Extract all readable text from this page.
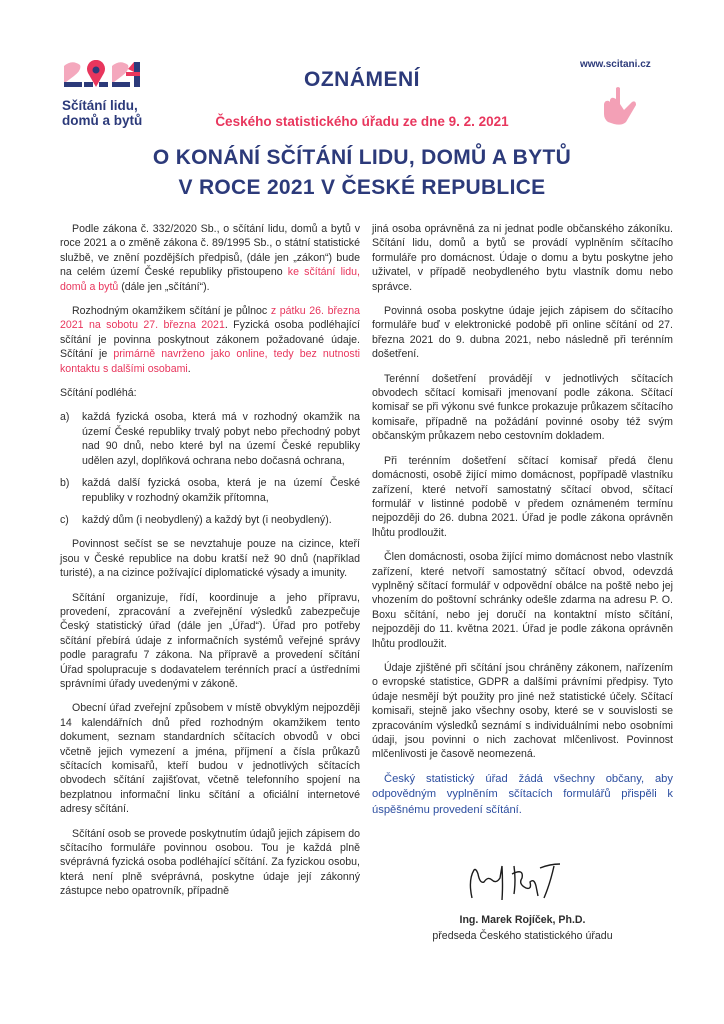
Sčítání lidu,
domů a bytů
www.scitani.cz
OZNÁMENÍ
Českého statistického úřadu ze dne 9. 2. 2021
O KONÁNÍ SČÍTÁNÍ LIDU, DOMŮ A BYTŮ
V ROCE 2021 V ČESKÉ REPUBLICE

Podle zákona č. 332/2020 Sb., o sčítání lidu, domů a bytů v roce 2021 a o změně zákona č. 89/1995 Sb., o státní statistické službě, ve znění pozdějších předpisů, (dále jen „zákon“) bude na celém území České republiky přistoupeno ke sčítání lidu, domů a bytů (dále jen „sčítání“).

Rozhodným okamžikem sčítání je půlnoc z pátku 26. března 2021 na sobotu 27. března 2021. Fyzická osoba podléhající sčítání je povinna poskytnout zákonem požadované údaje. Sčítání je primárně navrženo jako online, tedy bez nutnosti kontaktu s dalšími osobami.

Sčítání podléhá:

a)	každá fyzická osoba, která má v rozhodný okamžik na území České republiky trvalý pobyt nebo přechodný pobyt nad 90 dnů, nebo které byl na území České republiky udělen azyl, doplňková ochrana nebo dočasná ochrana,
b)	každá další fyzická osoba, která je na území České republiky v rozhodný okamžik přítomna,
c)	každý dům (i neobydlený) a každý byt (i neobydlený).

Povinnost sečíst se se nevztahuje pouze na cizince, kteří jsou v České republice na dobu kratší než 90 dnů (například turisté), a na cizince požívající diplomatické výsady a imunity.

Sčítání organizuje, řídí, koordinuje a jeho přípravu, provedení, zpracování a zveřejnění výsledků zabezpečuje Český statistický úřad (dále jen „Úřad“). Úřad pro potřeby sčítání přebírá údaje z informačních systémů veřejné správy podle paragrafu 7 zákona. Na přípravě a provedení sčítání Úřad spolupracuje s dodavatelem terénních prací a ústředními správními úřady uvedenými v zákoně.

Obecní úřad zveřejní způsobem v místě obvyklým nejpozději 14 kalendářních dnů před rozhodným okamžikem tento dokument, seznam standardních sčítacích obvodů v obci včetně jejich vymezení a jména, příjmení a čísla průkazů sčítacích komisařů, kteří budou v jednotlivých sčítacích obvodech sčítání zajišťovat, včetně telefonního spojení na bezplatnou informační linku sčítání a oficiální internetové adresy sčítání.

Sčítání osob se provede poskytnutím údajů jejich zápisem do sčítacího formuláře povinnou osobou. Tou je každá plně svéprávná fyzická osoba podléhající sčítání. Za fyzickou osobu, která není plně svéprávná, poskytne údaje její zákonný zástupce nebo opatrovník, případně

jiná osoba oprávněná za ni jednat podle občanského zákoníku. Sčítání lidu, domů a bytů se provádí vyplněním sčítacího formuláře pro domácnost. Údaje o domu a bytu poskytne jeho uživatel, v případě neobydleného bytu vlastník domu nebo správce.

Povinná osoba poskytne údaje jejich zápisem do sčítacího formuláře buď v elektronické podobě při online sčítání od 27. března 2021 do 9. dubna 2021, nebo následně při terénním došetření.

Terénní došetření provádějí v jednotlivých sčítacích obvodech sčítací komisaři jmenovaní podle zákona. Sčítací komisař se při výkonu své funkce prokazuje průkazem sčítacího komisaře, případně na požádání povinné osoby též svým občanským průkazem nebo cestovním dokladem.

Při terénním došetření sčítací komisař předá členu domácnosti, osobě žijící mimo domácnost, popřípadě vlastníku zařízení, které netvoří samostatný sčítací obvod, sčítací formulář v listinné podobě v předem oznámeném termínu nejpozději do 26. dubna 2021. Úřad je podle zákona oprávněn lhůtu prodloužit.

Člen domácnosti, osoba žijící mimo domácnost nebo vlastník zařízení, které netvoří samostatný sčítací obvod, odevzdá vyplněný sčítací formulář v odpovědní obálce na poště nebo jej vhozením do poštovní schránky odešle zdarma na adresu P. O. Boxu sčítání, nebo jej doručí na kontaktní místo sčítání, nejpozději do 11. května 2021. Úřad je podle zákona oprávněn lhůtu prodloužit.

Údaje zjištěné při sčítání jsou chráněny zákonem, nařízením o evropské statistice, GDPR a dalšími právními předpisy. Tyto údaje nesmějí být použity pro jiné než statistické účely. Sčítací komisaři, stejně jako všechny osoby, které se v souvislosti se zpracováním výsledků seznámí s individuálními nebo osobními údaji, jsou povinni o nich zachovat mlčenlivost. Povinnost mlčenlivosti je časově neomezená.

Český statistický úřad žádá všechny občany, aby odpovědným vyplněním sčítacích formulářů přispěli k úspěšnému provedení sčítání.

Ing. Marek Rojíček, Ph.D.
předseda Českého statistického úřadu
